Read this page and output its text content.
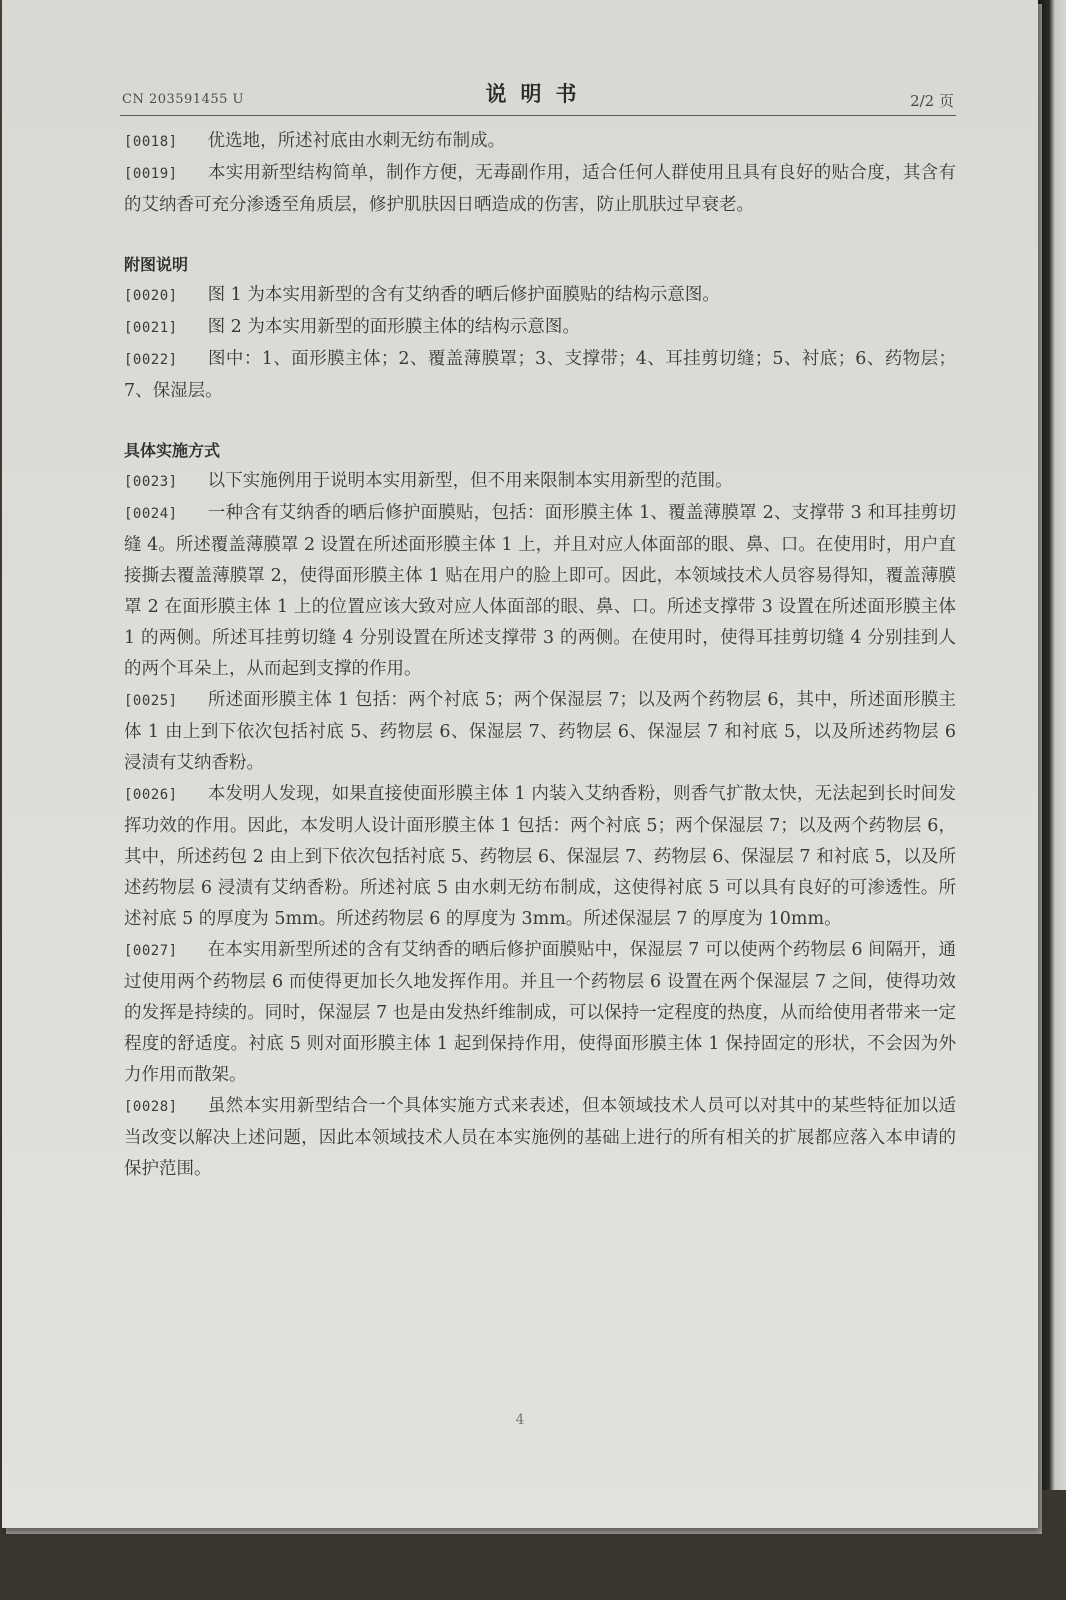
CN 203591455 U	说明书	2/2 页

[0018] 优选地，所述衬底由水刺无纺布制成。

[0019] 本实用新型结构简单，制作方便，无毒副作用，适合任何人群使用且具有良好的贴合度，其含有的艾纳香可充分渗透至角质层，修护肌肤因日晒造成的伤害，防止肌肤过早衰老。

附图说明

[0020] 图 1 为本实用新型的含有艾纳香的晒后修护面膜贴的结构示意图。

[0021] 图 2 为本实用新型的面形膜主体的结构示意图。

[0022] 图中：1、面形膜主体；2、覆盖薄膜罩；3、支撑带；4、耳挂剪切缝；5、衬底；6、药物层；7、保湿层。

具体实施方式

[0023] 以下实施例用于说明本实用新型，但不用来限制本实用新型的范围。

[0024] 一种含有艾纳香的晒后修护面膜贴，包括：面形膜主体 1、覆盖薄膜罩 2、支撑带 3 和耳挂剪切缝 4。所述覆盖薄膜罩 2 设置在所述面形膜主体 1 上，并且对应人体面部的眼、鼻、口。在使用时，用户直接撕去覆盖薄膜罩 2，使得面形膜主体 1 贴在用户的脸上即可。因此，本领域技术人员容易得知，覆盖薄膜罩 2 在面形膜主体 1 上的位置应该大致对应人体面部的眼、鼻、口。所述支撑带 3 设置在所述面形膜主体 1 的两侧。所述耳挂剪切缝 4 分别设置在所述支撑带 3 的两侧。在使用时，使得耳挂剪切缝 4 分别挂到人的两个耳朵上，从而起到支撑的作用。

[0025] 所述面形膜主体 1 包括：两个衬底 5；两个保湿层 7；以及两个药物层 6，其中，所述面形膜主体 1 由上到下依次包括衬底 5、药物层 6、保湿层 7、药物层 6、保湿层 7 和衬底 5，以及所述药物层 6 浸渍有艾纳香粉。

[0026] 本发明人发现，如果直接使面形膜主体 1 内装入艾纳香粉，则香气扩散太快，无法起到长时间发挥功效的作用。因此，本发明人设计面形膜主体 1 包括：两个衬底 5；两个保湿层 7；以及两个药物层 6，其中，所述药包 2 由上到下依次包括衬底 5、药物层 6、保湿层 7、药物层 6、保湿层 7 和衬底 5，以及所述药物层 6 浸渍有艾纳香粉。所述衬底 5 由水刺无纺布制成，这使得衬底 5 可以具有良好的可渗透性。所述衬底 5 的厚度为 5mm。所述药物层 6 的厚度为 3mm。所述保湿层 7 的厚度为 10mm。

[0027] 在本实用新型所述的含有艾纳香的晒后修护面膜贴中，保湿层 7 可以使两个药物层 6 间隔开，通过使用两个药物层 6 而使得更加长久地发挥作用。并且一个药物层 6 设置在两个保湿层 7 之间，使得功效的发挥是持续的。同时，保湿层 7 也是由发热纤维制成，可以保持一定程度的热度，从而给使用者带来一定程度的舒适度。衬底 5 则对面形膜主体 1 起到保持作用，使得面形膜主体 1 保持固定的形状，不会因为外力作用而散架。

[0028] 虽然本实用新型结合一个具体实施方式来表述，但本领域技术人员可以对其中的某些特征加以适当改变以解决上述问题，因此本领域技术人员在本实施例的基础上进行的所有相关的扩展都应落入本申请的保护范围。

4
